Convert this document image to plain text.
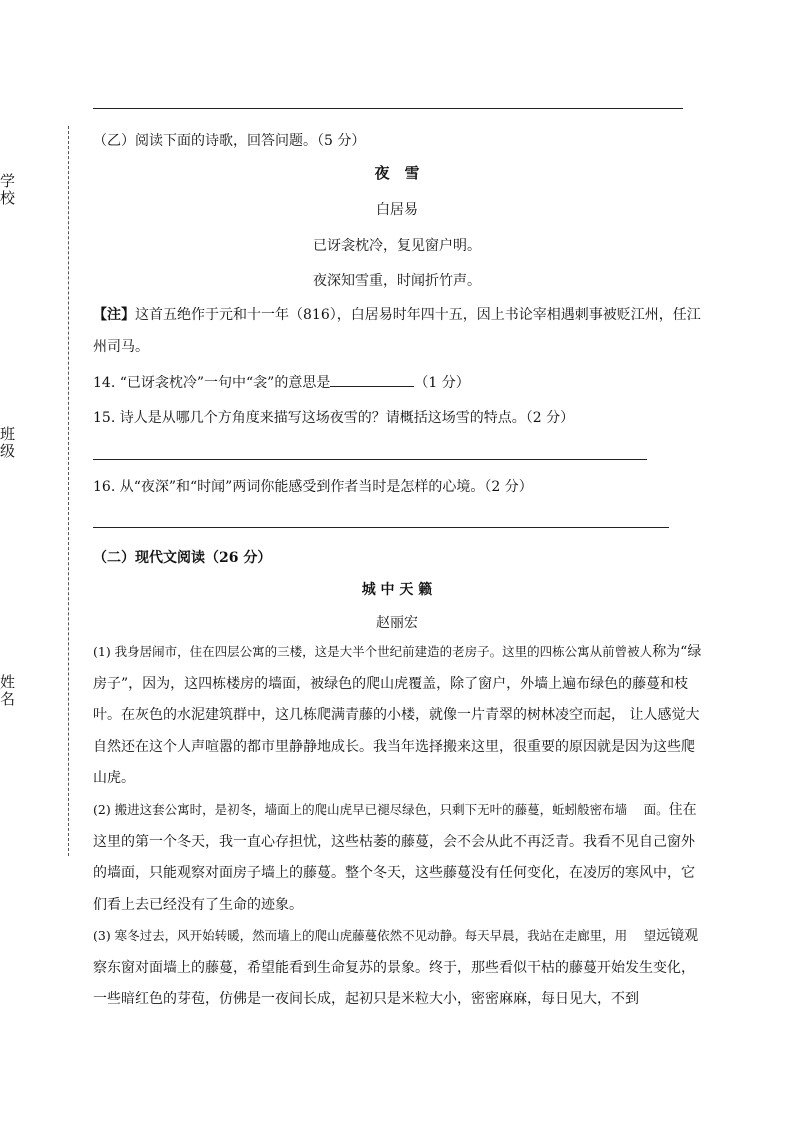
学校
班级
姓名
（乙）阅读下面的诗歌，回答问题。（5 分）
夜　雪
白居易
已讶衾枕冷，复见窗户明。
夜深知雪重，时闻折竹声。
【注】这首五绝作于元和十一年（816），白居易时年四十五，因上书论宰相遇刺事被贬江州，任江州司马。
14. “已讶衾枕冷”一句中“衾”的意思是	（1 分）
15. 诗人是从哪几个方角度来描写这场夜雪的？请概括这场雪的特点。（2 分）
16. 从“夜深”和“时闻”两词你能感受到作者当时是怎样的心境。（2 分）
（二）现代文阅读（26 分）
城 中 天 籁
赵丽宏
(1) 我身居闹市，住在四层公寓的三楼，这是大半个世纪前建造的老房子。这里的四栋公寓从前曾被人称为“绿房子”，因为，这四栋楼房的墙面，被绿色的爬山虎覆盖，除了窗户，外墙上遍布绿色的藤蔓和枝叶。在灰色的水泥建筑群中，这几栋爬满青藤的小楼，就像一片青翠的树林凌空而起， 让人感觉大自然还在这个人声喧嚣的都市里静静地成长。我当年选择搬来这里，很重要的原因就是因为这些爬山虎。
(2) 搬进这套公寓时，是初冬，墙面上的爬山虎早已褪尽绿色，只剩下无叶的藤蔓，蚯蚓般密布墙　 面。住在这里的第一个冬天，我一直心存担忧，这些枯萎的藤蔓，会不会从此不再泛青。我看不见自己窗外的墙面，只能观察对面房子墙上的藤蔓。整个冬天，这些藤蔓没有任何变化，在凌厉的寒风中，它们看上去已经没有了生命的迹象。
(3) 寒冬过去，风开始转暖，然而墙上的爬山虎藤蔓依然不见动静。每天早晨，我站在走廊里，用　 望远镜观察东窗对面墙上的藤蔓，希望能看到生命复苏的景象。终于，那些看似干枯的藤蔓开始发生变化，一些暗红色的芽苞，仿佛是一夜间长成，起初只是米粒大小，密密麻麻，每日见大，不到
